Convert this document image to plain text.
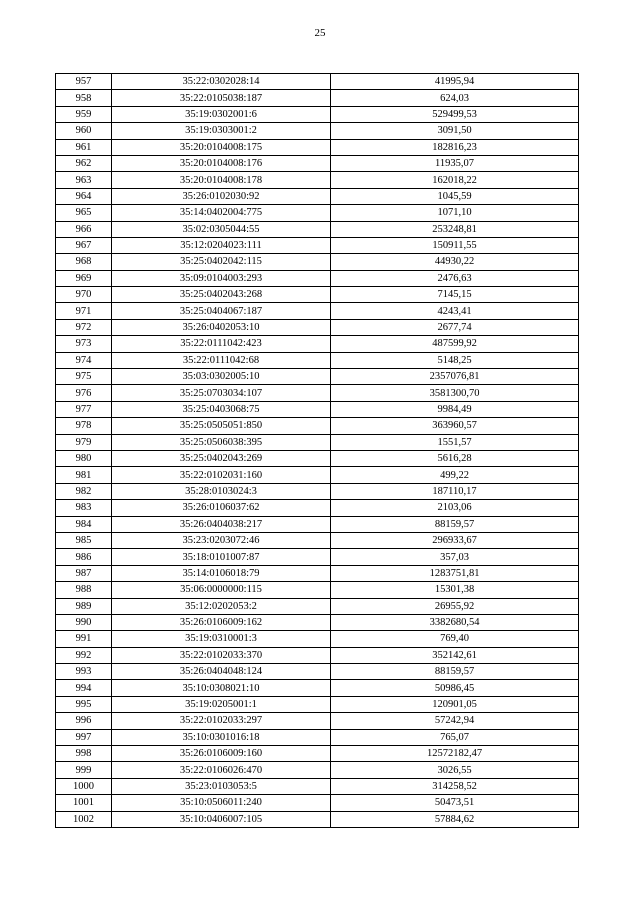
25
957	35:22:0302028:14	41995,94
958	35:22:0105038:187	624,03
959	35:19:0302001:6	529499,53
960	35:19:0303001:2	3091,50
961	35:20:0104008:175	182816,23
962	35:20:0104008:176	11935,07
963	35:20:0104008:178	162018,22
964	35:26:0102030:92	1045,59
965	35:14:0402004:775	1071,10
966	35:02:0305044:55	253248,81
967	35:12:0204023:111	150911,55
968	35:25:0402042:115	44930,22
969	35:09:0104003:293	2476,63
970	35:25:0402043:268	7145,15
971	35:25:0404067:187	4243,41
972	35:26:0402053:10	2677,74
973	35:22:0111042:423	487599,92
974	35:22:0111042:68	5148,25
975	35:03:0302005:10	2357076,81
976	35:25:0703034:107	3581300,70
977	35:25:0403068:75	9984,49
978	35:25:0505051:850	363960,57
979	35:25:0506038:395	1551,57
980	35:25:0402043:269	5616,28
981	35:22:0102031:160	499,22
982	35:28:0103024:3	187110,17
983	35:26:0106037:62	2103,06
984	35:26:0404038:217	88159,57
985	35:23:0203072:46	296933,67
986	35:18:0101007:87	357,03
987	35:14:0106018:79	1283751,81
988	35:06:0000000:115	15301,38
989	35:12:0202053:2	26955,92
990	35:26:0106009:162	3382680,54
991	35:19:0310001:3	769,40
992	35:22:0102033:370	352142,61
993	35:26:0404048:124	88159,57
994	35:10:0308021:10	50986,45
995	35:19:0205001:1	120901,05
996	35:22:0102033:297	57242,94
997	35:10:0301016:18	765,07
998	35:26:0106009:160	12572182,47
999	35:22:0106026:470	3026,55
1000	35:23:0103053:5	314258,52
1001	35:10:0506011:240	50473,51
1002	35:10:0406007:105	57884,62
